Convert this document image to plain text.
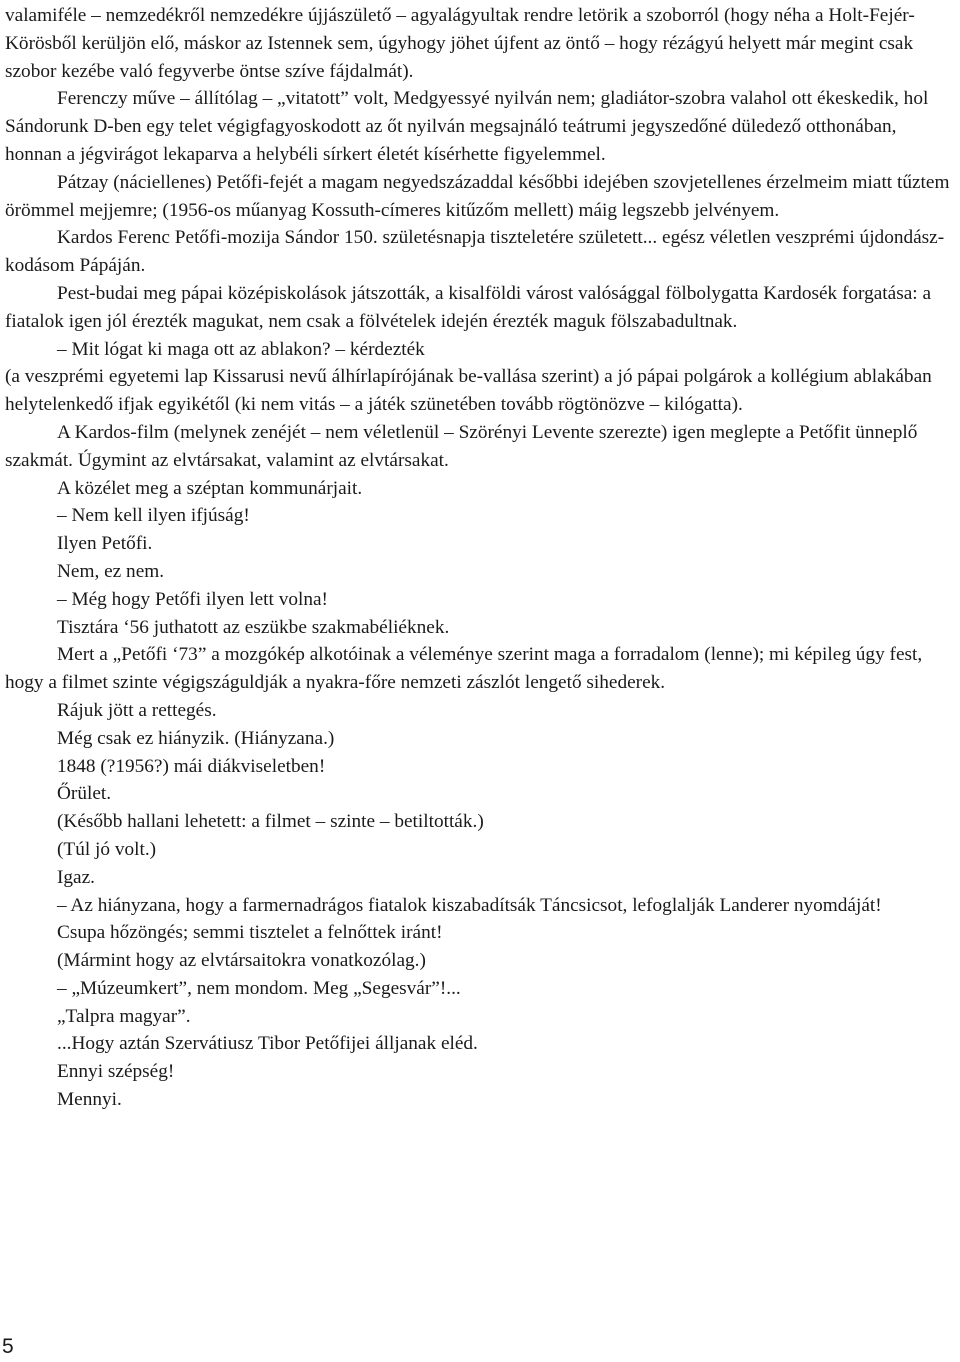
valamiféle – nemzedékről nemzedékre újjászülető – agyalágyultak rendre letörik a szoborról (hogy néha a Holt-Fejér-Körösből kerüljön elő, máskor az Istennek sem, úgyhogy jöhet újfent az öntő – hogy rézágyú helyett már megint csak szobor kezébe való fegyverbe öntse szíve fájdalmát).

Ferenczy műve – állítólag – „vitatott” volt, Medgyessyé nyilván nem; gladiátor-szobra valahol ott ékeskedik, hol Sándorunk D-ben egy telet végigfagyoskodott az őt nyilván megsajnáló teátrumi jegyszedőné düledező otthonában, honnan a jégvirágot lekaparva a helybéli sírkert életét kísérhette figyelemmel.

Pátzay (náciellenes) Petőfi-fejét a magam negyedszázaddal későbbi idejében szovjetellenes érzelmeim miatt tűztem örömmel mejjemre; (1956-os műanyag Kossuth-címeres kitűzőm mellett) máig legszebb jelvényem.

Kardos Ferenc Petőfi-mozija Sándor 150. születésnapja tiszteletére született... egész véletlen veszprémi újdondász-kodásom Pápáján.

Pest-budai meg pápai középiskolások játszották, a kisalföldi várost valósággal fölbolygatta Kardosék forgatása: a fiatalok igen jól érezték magukat, nem csak a fölvételek idején érezték maguk fölszabadultnak.

– Mit lógat ki maga ott az ablakon? – kérdezték

(a veszprémi egyetemi lap Kissarusi nevű álhírlapírójának be-vallása szerint) a jó pápai polgárok a kollégium ablakában helytelenkedő ifjak egyikétől (ki nem vitás – a játék szünetében tovább rögtönözve – kilógatta).

A Kardos-film (melynek zenéjét – nem véletlenül – Szörényi Levente szerezte) igen meglepte a Petőfit ünneplő szakmát. Úgymint az elvtársakat, valamint az elvtársakat.

A közélet meg a széptan kommunárjait.

– Nem kell ilyen ifjúság!

Ilyen Petőfi.

Nem, ez nem.

– Még hogy Petőfi ilyen lett volna!

Tisztára ‘56 juthatott az eszükbe szakmabéliéknek.

Mert a „Petőfi ‘73” a mozgókép alkotóinak a véleménye szerint maga a forradalom (lenne); mi képileg úgy fest, hogy a filmet szinte végigszáguldják a nyakra-főre nemzeti zászlót lengető sihederek.

Rájuk jött a rettegés.

Még csak ez hiányzik. (Hiányzana.)

1848 (?1956?) mái diákviseletben!

Őrület.

(Később hallani lehetett: a filmet – szinte – betiltották.)

(Túl jó volt.)

Igaz.

– Az hiányzana, hogy a farmernadrágos fiatalok kiszabadítsák Táncsicsot, lefoglalják Landerer nyomdáját!

Csupa hőzöngés; semmi tisztelet a felnőttek iránt!

(Mármint hogy az elvtársaitokra vonatkozólag.)

– „Múzeumkert”, nem mondom. Meg „Segesvár”!...

„Talpra magyar”.

...Hogy aztán Szervátiusz Tibor Petőfijei álljanak eléd.

Ennyi szépség!

Mennyi.

5
